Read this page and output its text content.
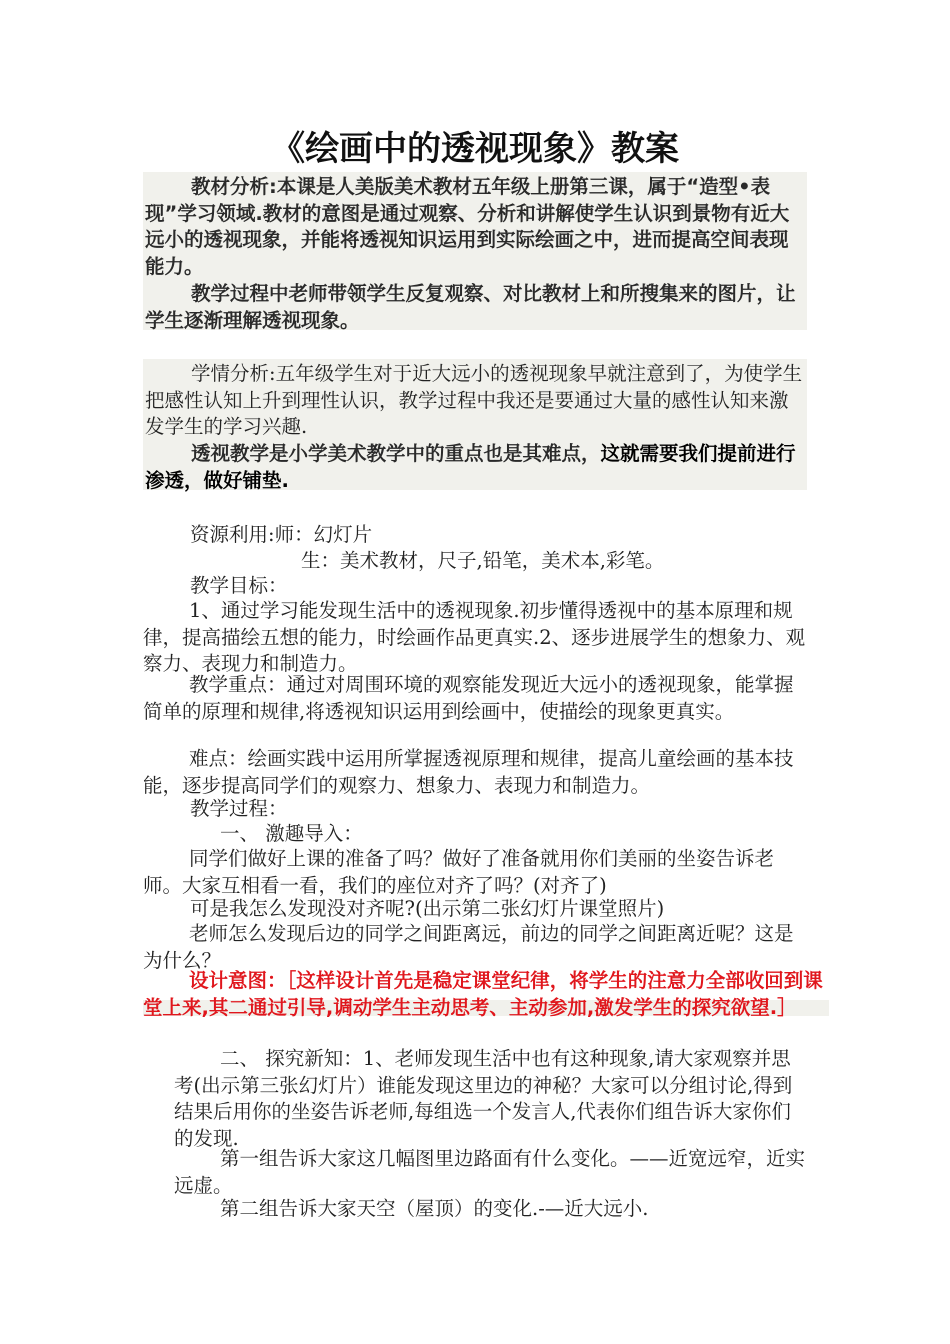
《绘画中的透视现象》教案
教材分析:本课是人美版美术教材五年级上册第三课，属于“造型•表现”学习领域.教材的意图是通过观察、分析和讲解使学生认识到景物有近大远小的透视现象，并能将透视知识运用到实际绘画之中，进而提高空间表现能力。
教学过程中老师带领学生反复观察、对比教材上和所搜集来的图片，让学生逐渐理解透视现象。
学情分析:五年级学生对于近大远小的透视现象早就注意到了，为使学生把感性认知上升到理性认识，教学过程中我还是要通过大量的感性认知来激发学生的学习兴趣.
透视教学是小学美术教学中的重点也是其难点，这就需要我们提前进行渗透，做好铺垫.
资源利用:师：幻灯片
生：美术教材，尺子,铅笔，美术本,彩笔。
教学目标：
1、通过学习能发现生活中的透视现象.初步懂得透视中的基本原理和规律，提高描绘五想的能力，时绘画作品更真实.2、逐步进展学生的想象力、观察力、表现力和制造力。
教学重点：通过对周围环境的观察能发现近大远小的透视现象，能掌握简单的原理和规律,将透视知识运用到绘画中，使描绘的现象更真实。
难点：绘画实践中运用所掌握透视原理和规律，提高儿童绘画的基本技能，逐步提高同学们的观察力、想象力、表现力和制造力。
教学过程：
一、 激趣导入：
同学们做好上课的准备了吗？做好了准备就用你们美丽的坐姿告诉老师。大家互相看一看，我们的座位对齐了吗？(对齐了)
可是我怎么发现没对齐呢?(出示第二张幻灯片课堂照片)
老师怎么发现后边的同学之间距离远，前边的同学之间距离近呢？这是为什么？
设计意图：［这样设计首先是稳定课堂纪律，将学生的注意力全部收回到课堂上来,其二通过引导,调动学生主动思考、主动参加,激发学生的探究欲望.］
二、 探究新知：1、老师发现生活中也有这种现象,请大家观察并思考(出示第三张幻灯片）谁能发现这里边的神秘？大家可以分组讨论,得到结果后用你的坐姿告诉老师,每组选一个发言人,代表你们组告诉大家你们的发现.
第一组告诉大家这几幅图里边路面有什么变化。——近宽远窄，近实远虚。
第二组告诉大家天空（屋顶）的变化.-—近大远小.
